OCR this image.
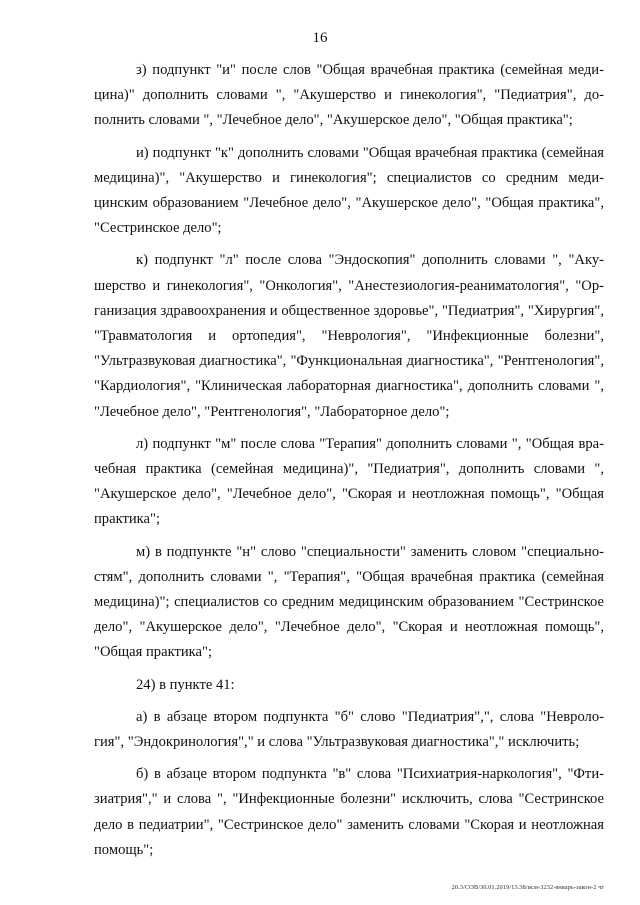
16

з) подпункт "и" после слов "Общая врачебная практика (семейная медицина)" дополнить словами ", "Акушерство и гинекология", "Педиатрия", дополнить словами ", "Лечебное дело", "Акушерское дело", "Общая практика";

и) подпункт "к" дополнить словами "Общая врачебная практика (семейная медицина)", "Акушерство и гинекология"; специалистов со средним медицинским образованием "Лечебное дело", "Акушерское дело", "Общая практика", "Сестринское дело";

к) подпункт "л" после слова "Эндоскопия" дополнить словами ", "Акушерство и гинекология", "Онкология", "Анестезиология-реаниматология", "Организация здравоохранения и общественное здоровье", "Педиатрия", "Хирургия", "Травматология и ортопедия", "Неврология", "Инфекционные болезни", "Ультразвуковая диагностика", "Функциональная диагностика", "Рентгенология", "Кардиология", "Клиническая лабораторная диагностика", дополнить словами ", "Лечебное дело", "Рентгенология", "Лабораторное дело";

л) подпункт "м" после слова "Терапия" дополнить словами ", "Общая врачебная практика (семейная медицина)", "Педиатрия", дополнить словами ", "Акушерское дело", "Лечебное дело", "Скорая и неотложная помощь", "Общая практика";

м) в подпункте "н" слово "специальности" заменить словом "специальностям", дополнить словами ", "Терапия", "Общая врачебная практика (семейная медицина)"; специалистов со средним медицинским образованием "Сестринское дело", "Акушерское дело", "Лечебное дело", "Скорая и неотложная помощь", "Общая практика";

24) в пункте 41:

а) в абзаце втором подпункта "б" слово "Педиатрия",", слова "Неврология", "Эндокринология"," и слова "Ультразвуковая диагностика"," исключить;

б) в абзаце втором подпункта "в" слова "Психиатрия-наркология", "Фтизиатрия"," и слова ", "Инфекционные болезни" исключить, слова "Сестринское дело в педиатрии", "Сестринское дело" заменить словами "Скорая и неотложная помощь";

20.3/СОВ/30.01.2019/13.38/исм-3232-январь-закон-2 чг
